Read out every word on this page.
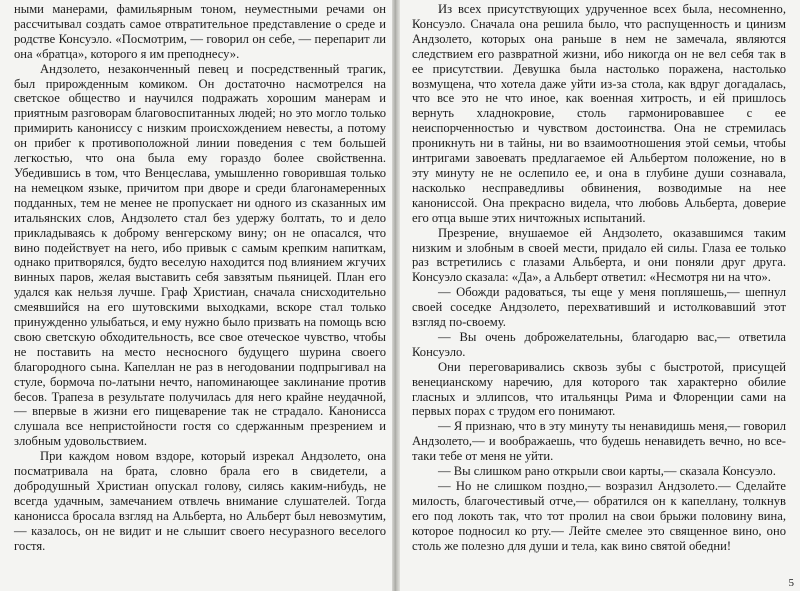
ными манерами, фамильярным тоном, неуместными речами он рассчитывал создать самое отвратительное представление о среде и родстве Консуэло. «Посмотрим, — говорил он себе, — перепарит ли она «братца», которого я им преподнесу».

Андзолето, незаконченный певец и посредственный трагик, был прирожденным комиком. Он достаточно насмотрелся на светское общество и научился подражать хорошим манерам и приятным разговорам благовоспитанных людей; но это могло только примирить канониссу с низким происхождением невесты, а потому он прибег к противоположной линии поведения с тем большей легкостью, что она была ему гораздо более свойственна. Убедившись в том, что Венцеслава, умышленно говорившая только на немецком языке, причитом при дворе и среди благонамеренных подданных, тем не менее не пропускает ни одного из сказанных им итальянских слов, Андзолето стал без удержу болтать, то и дело прикладываясь к доброму венгерскому вину; он не опасался, что вино подействует на него, ибо привык с самым крепким напиткам, однако притворялся, будто веселую находится под влиянием жгучих винных паров, желая выставить себя завзятым пьяницей. План его удался как нельзя лучше. Граф Христиан, сначала снисходительно смеявшийся на его шутовскими выходками, вскоре стал только принужденно улыбаться, и ему нужно было призвать на помощь всю свою светскую обходительность, все свое отеческое чувство, чтобы не поставить на место несносного будущего шурина своего благородного сына. Капеллан не раз в негодовании подпрыгивал на стуле, бормоча по-латыни нечто, напоминающее заклинание против бесов. Трапеза в результате получилась для него крайне неудачной,— впервые в жизни его пищеварение так не страдало. Канонисса слушала все непристойности гостя со сдержанным презрением и злобным удовольствием.

При каждом новом вздоре, который изрекал Андзолето, она посматривала на брата, словно брала его в свидетели, а добродушный Христиан опускал голову, силясь каким-нибудь, не всегда удачным, замечанием отвлечь внимание слушателей. Тогда канонисса бросала взгляд на Альберта, но Альберт был невозмутим,— казалось, он не видит и не слышит своего несуразного веселого гостя.

Из всех присутствующих удрученное всех была, несомненно, Консуэло. Сначала она решила было, что распущенность и цинизм Андзолето, которых она раньше в нем не замечала, являются следствием его развратной жизни, ибо никогда он не вел себя так в ее присутствии. Девушка была настолько поражена, настолько возмущена, что хотела даже уйти из-за стола, как вдруг догадалась, что все это не что иное, как военная хитрость, и ей пришлось вернуть хладнокровие, столь гармонировавшее с ее неиспорченностью и чувством достоинства. Она не стремилась проникнуть ни в тайны, ни во взаимоотношения этой семьи, чтобы интригами завоевать предлагаемое ей Альбертом положение, но в эту минуту не не ослепило ее, и она в глубине души сознавала, насколько несправедливы обвинения, возводимые на нее канониссой. Она прекрасно видела, что любовь Альберта, доверие его отца выше этих ничтожных испытаний.

Презрение, внушаемое ей Андзолето, оказавшимся таким низким и злобным в своей мести, придало ей силы. Глаза ее только раз встретились с глазами Альберта, и они поняли друг друга. Консуэло сказала: «Да», а Альберт ответил: «Несмотря ни на что».

— Обожди радоваться, ты еще у меня попляшешь,— шепнул своей соседке Андзолето, перехвативший и истолковавший этот взгляд по-своему.

— Вы очень доброжелательны, благодарю вас,— ответила Консуэло.

Они переговаривались сквозь зубы с быстротой, присущей венецианскому наречию, для которого так характерно обилие гласных и эллипсов, что итальянцы Рима и Флоренции сами на первых порах с трудом его понимают.

— Я признаю, что в эту минуту ты ненавидишь меня,— говорил Андзолето,— и воображаешь, что будешь ненавидеть вечно, но все-таки тебе от меня не уйти.

— Вы слишком рано открыли свои карты,— сказала Консуэло.

— Но не слишком поздно,— возразил Андзолето.— Сделайте милость, благочестивый отче,— обратился он к капеллану, толкнув его под локоть так, что тот пролил на свои брыжи половину вина, которое подносил ко рту.— Лейте смелее это священное вино, оно столь же полезно для души и тела, как вино святой обедни!

5
